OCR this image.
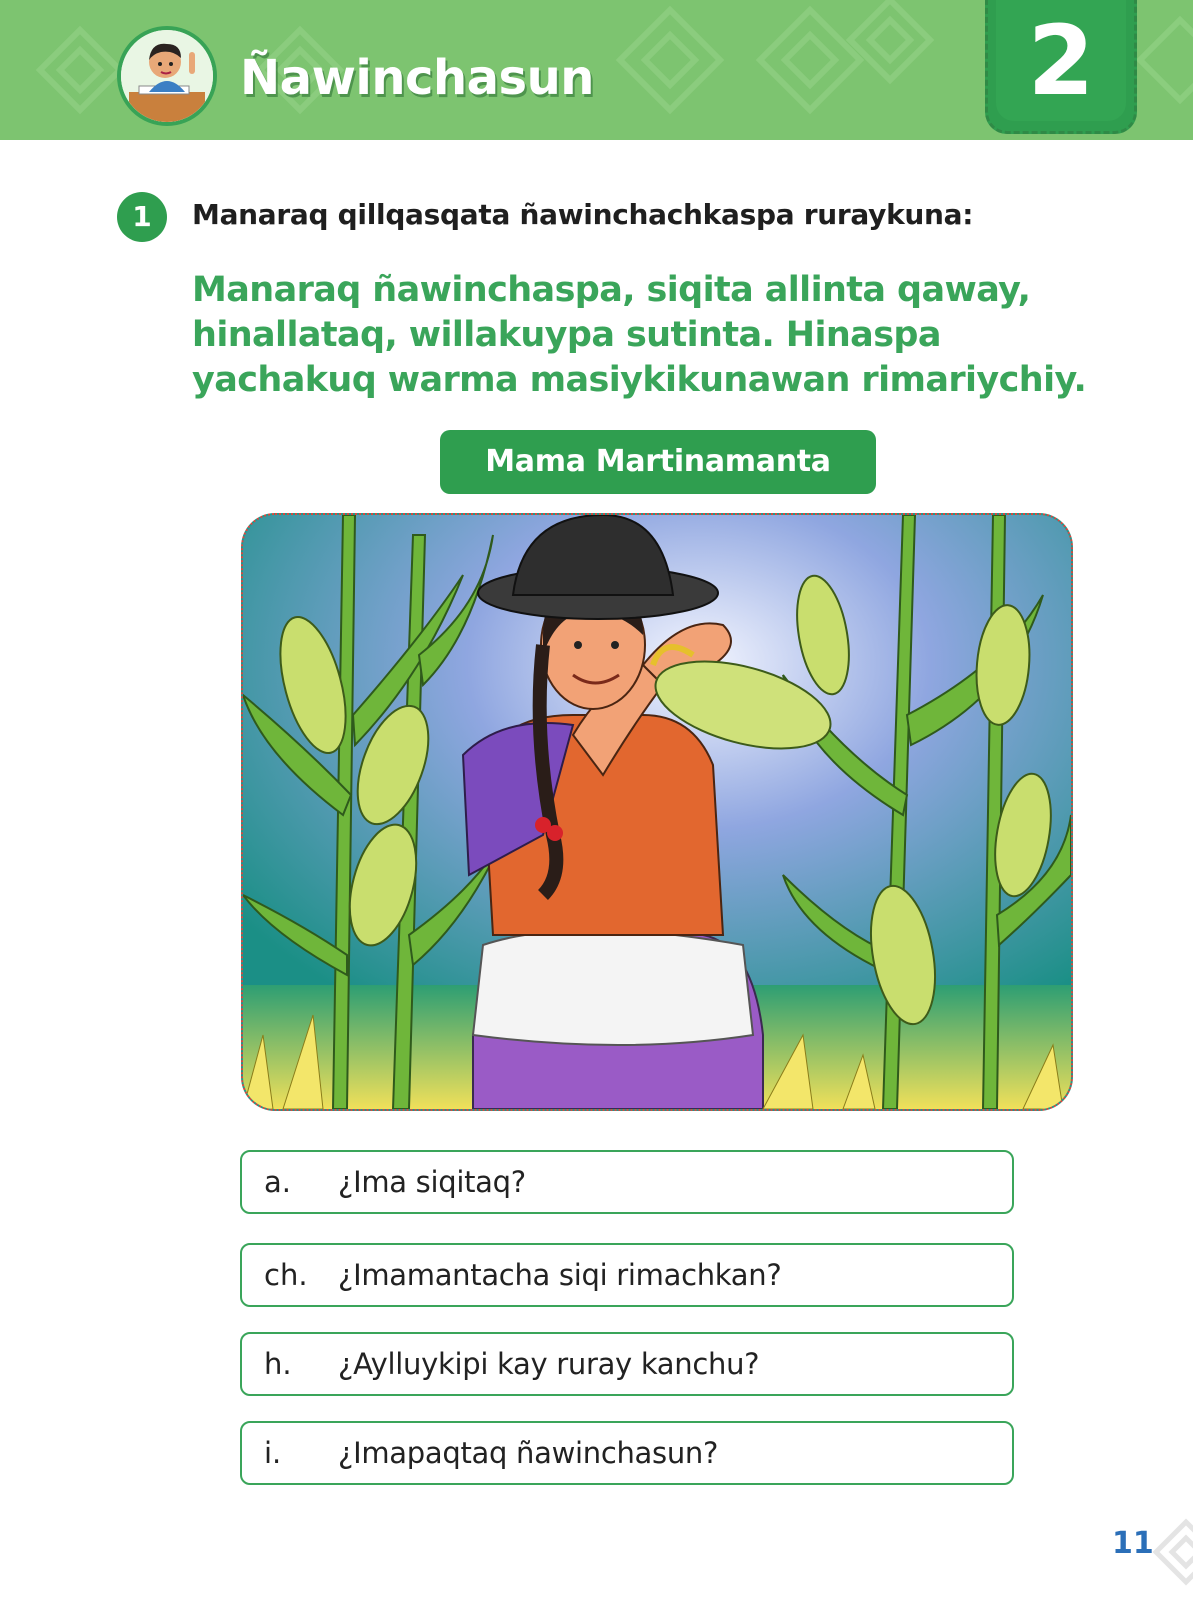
Ñawinchasun	2
1	Manaraq qillqasqata ñawinchachkaspa ruraykuna:
Manaraq ñawinchaspa, siqita allinta qaway,
hinallataq, willakuypa sutinta. Hinaspa
yachakuq warma masiykikunawan rimariychiy.
Mama Martinamanta
a. ¿Ima siqitaq?
ch. ¿Imamantacha siqi rimachkan?
h. ¿Aylluykipi kay ruray kanchu?
i. ¿Imapaqtaq ñawinchasun?
11
